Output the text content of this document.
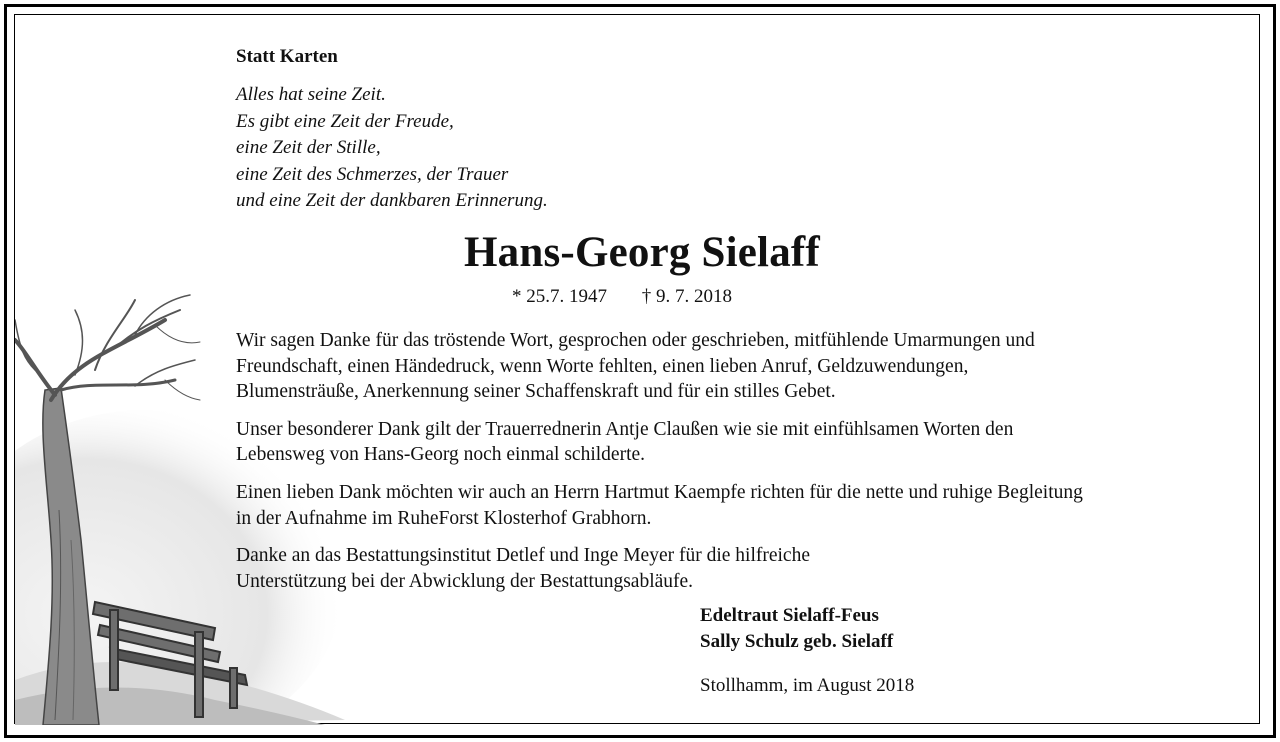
Statt Karten
Alles hat seine Zeit.
Es gibt eine Zeit der Freude,
eine Zeit der Stille,
eine Zeit des Schmerzes, der Trauer
und eine Zeit der dankbaren Erinnerung.
Hans-Georg Sielaff
* 25.7. 1947 † 9. 7. 2018

Wir sagen Danke für das tröstende Wort, gesprochen oder geschrieben, mitfühlende Umarmungen und
Freundschaft, einen Händedruck, wenn Worte fehlten, einen lieben Anruf, Geldzuwendungen,
Blumensträuße, Anerkennung seiner Schaffenskraft und für ein stilles Gebet.

Unser besonderer Dank gilt der Trauerrednerin Antje Claußen wie sie mit einfühlsamen Worten den
Lebensweg von Hans-Georg noch einmal schilderte.

Einen lieben Dank möchten wir auch an Herrn Hartmut Kaempfe richten für die nette und ruhige Begleitung
in der Aufnahme im RuheForst Klosterhof Grabhorn.

Danke an das Bestattungsinstitut Detlef und Inge Meyer für die hilfreiche
Unterstützung bei der Abwicklung der Bestattungsabläufe.

Edeltraut Sielaff-Feus
Sally Schulz geb. Sielaff
Stollhamm, im August 2018
